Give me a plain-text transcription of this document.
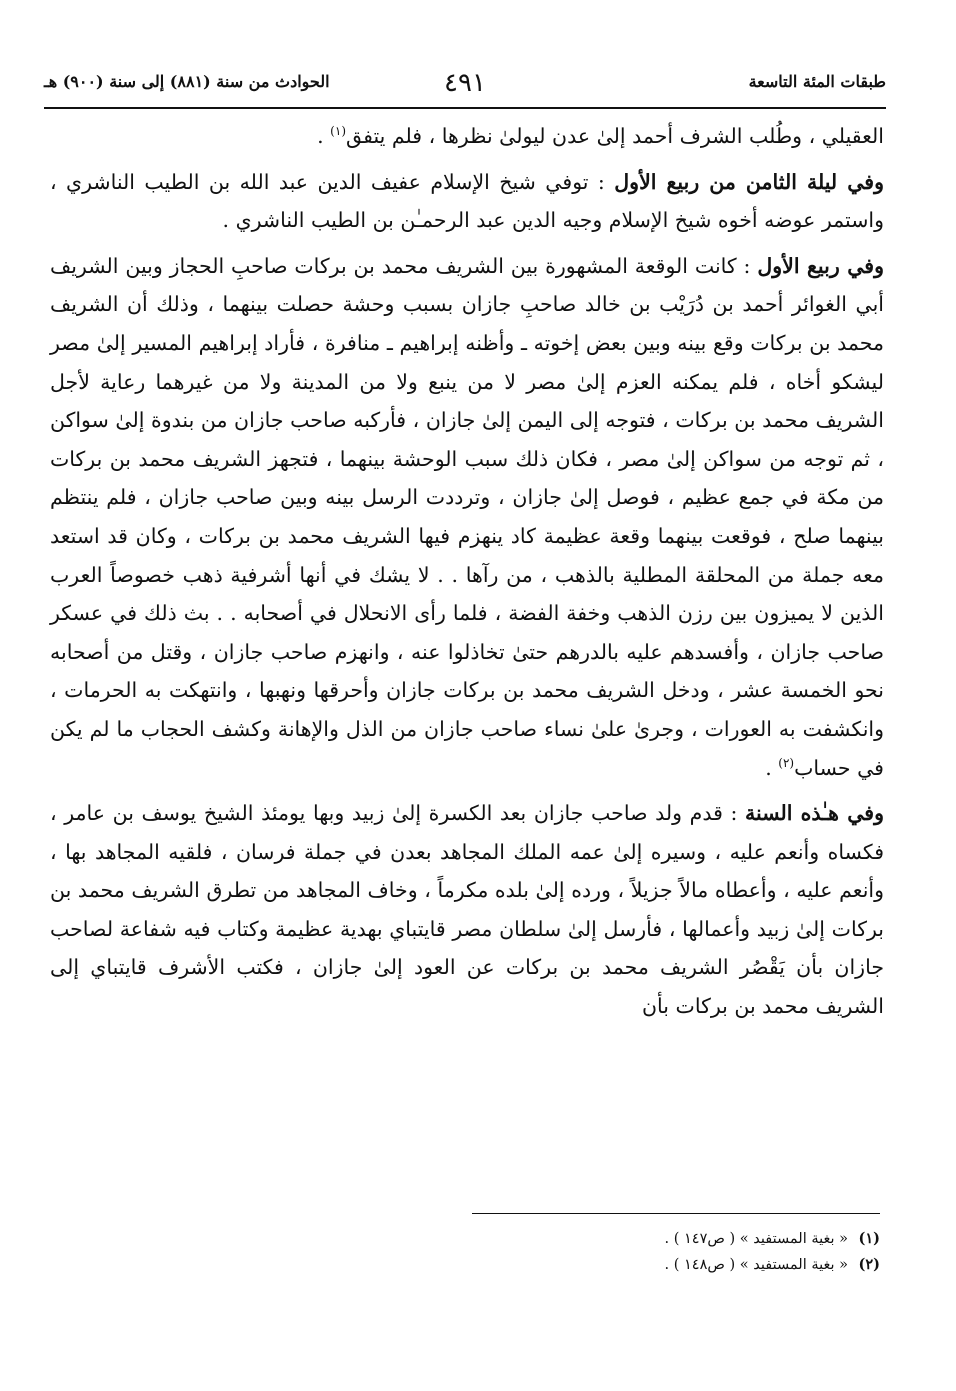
طبقات المئة التاسعة
٤٩١
الحوادث من سنة (٨٨١) إلى سنة (٩٠٠) هـ

العقيلي ، وطُلب الشرف أحمد إلىٰ عدن ليولىٰ نظرها ، فلم يتفق$^{(١)}$ .

وفي ليلة الثامن من ربيع الأول : توفي شيخ الإسلام عفيف الدين عبد الله بن الطيب الناشري ، واستمر عوضه أخوه شيخ الإسلام وجيه الدين عبد الرحمـٰن بن الطيب الناشري .

وفي ربيع الأول : كانت الوقعة المشهورة بين الشريف محمد بن بركات صاحبِ الحجاز وبين الشريف أبي الغوائر أحمد بن دُرَيْب بن خالد صاحبِ جازان بسبب وحشة حصلت بينهما ، وذلك أن الشريف محمد بن بركات وقع بينه وبين بعض إخوته ـ وأظنه إبراهيم ـ منافرة ، فأراد إبراهيم المسير إلىٰ مصر ليشكو أخاه ، فلم يمكنه العزم إلىٰ مصر لا من ينبع ولا من المدينة ولا من غيرهما رعاية لأجل الشريف محمد بن بركات ، فتوجه إلى اليمن إلىٰ جازان ، فأركبه صاحب جازان من بندوة إلىٰ سواكن ، ثم توجه من سواكن إلىٰ مصر ، فكان ذلك سبب الوحشة بينهما ، فتجهز الشريف محمد بن بركات من مكة في جمع عظيم ، فوصل إلىٰ جازان ، وترددت الرسل بينه وبين صاحب جازان ، فلم ينتظم بينهما صلح ، فوقعت بينهما وقعة عظيمة كاد ينهزم فيها الشريف محمد بن بركات ، وكان قد استعد معه جملة من المحلقة المطلية بالذهب ، من رآها . . لا يشك في أنها أشرفية ذهب خصوصاً العرب الذين لا يميزون بين رزن الذهب وخفة الفضة ، فلما رأى الانحلال في أصحابه . . بث ذلك في عسكر صاحب جازان ، وأفسدهم عليه بالدرهم حتىٰ تخاذلوا عنه ، وانهزم صاحب جازان ، وقتل من أصحابه نحو الخمسة عشر ، ودخل الشريف محمد بن بركات جازان وأحرقها ونهبها ، وانتهكت به الحرمات ، وانكشفت به العورات ، وجرىٰ علىٰ نساء صاحب جازان من الذل والإهانة وكشف الحجاب ما لم يكن في حساب$^{(٢)}$ .

وفي هـٰذه السنة : قدم ولد صاحب جازان بعد الكسرة إلىٰ زبيد وبها يومئذ الشيخ يوسف بن عامر ، فكساه وأنعم عليه ، وسيره إلىٰ عمه الملك المجاهد بعدن في جملة فرسان ، فلقيه المجاهد بها ، وأنعم عليه ، وأعطاه مالاً جزيلاً ، ورده إلىٰ بلده مكرماً ، وخاف المجاهد من تطرق الشريف محمد بن بركات إلىٰ زبيد وأعمالها ، فأرسل إلىٰ سلطان مصر قايتباي بهدية عظيمة وكتاب فيه شفاعة لصاحب جازان بأن يَقْصُر الشريف محمد بن بركات عن العود إلىٰ جازان ، فكتب الأشرف قايتباي إلى الشريف محمد بن بركات بأن

(١)« بغية المستفيد » ( ص١٤٧ ) .
(٢)« بغية المستفيد » ( ص١٤٨ ) .
